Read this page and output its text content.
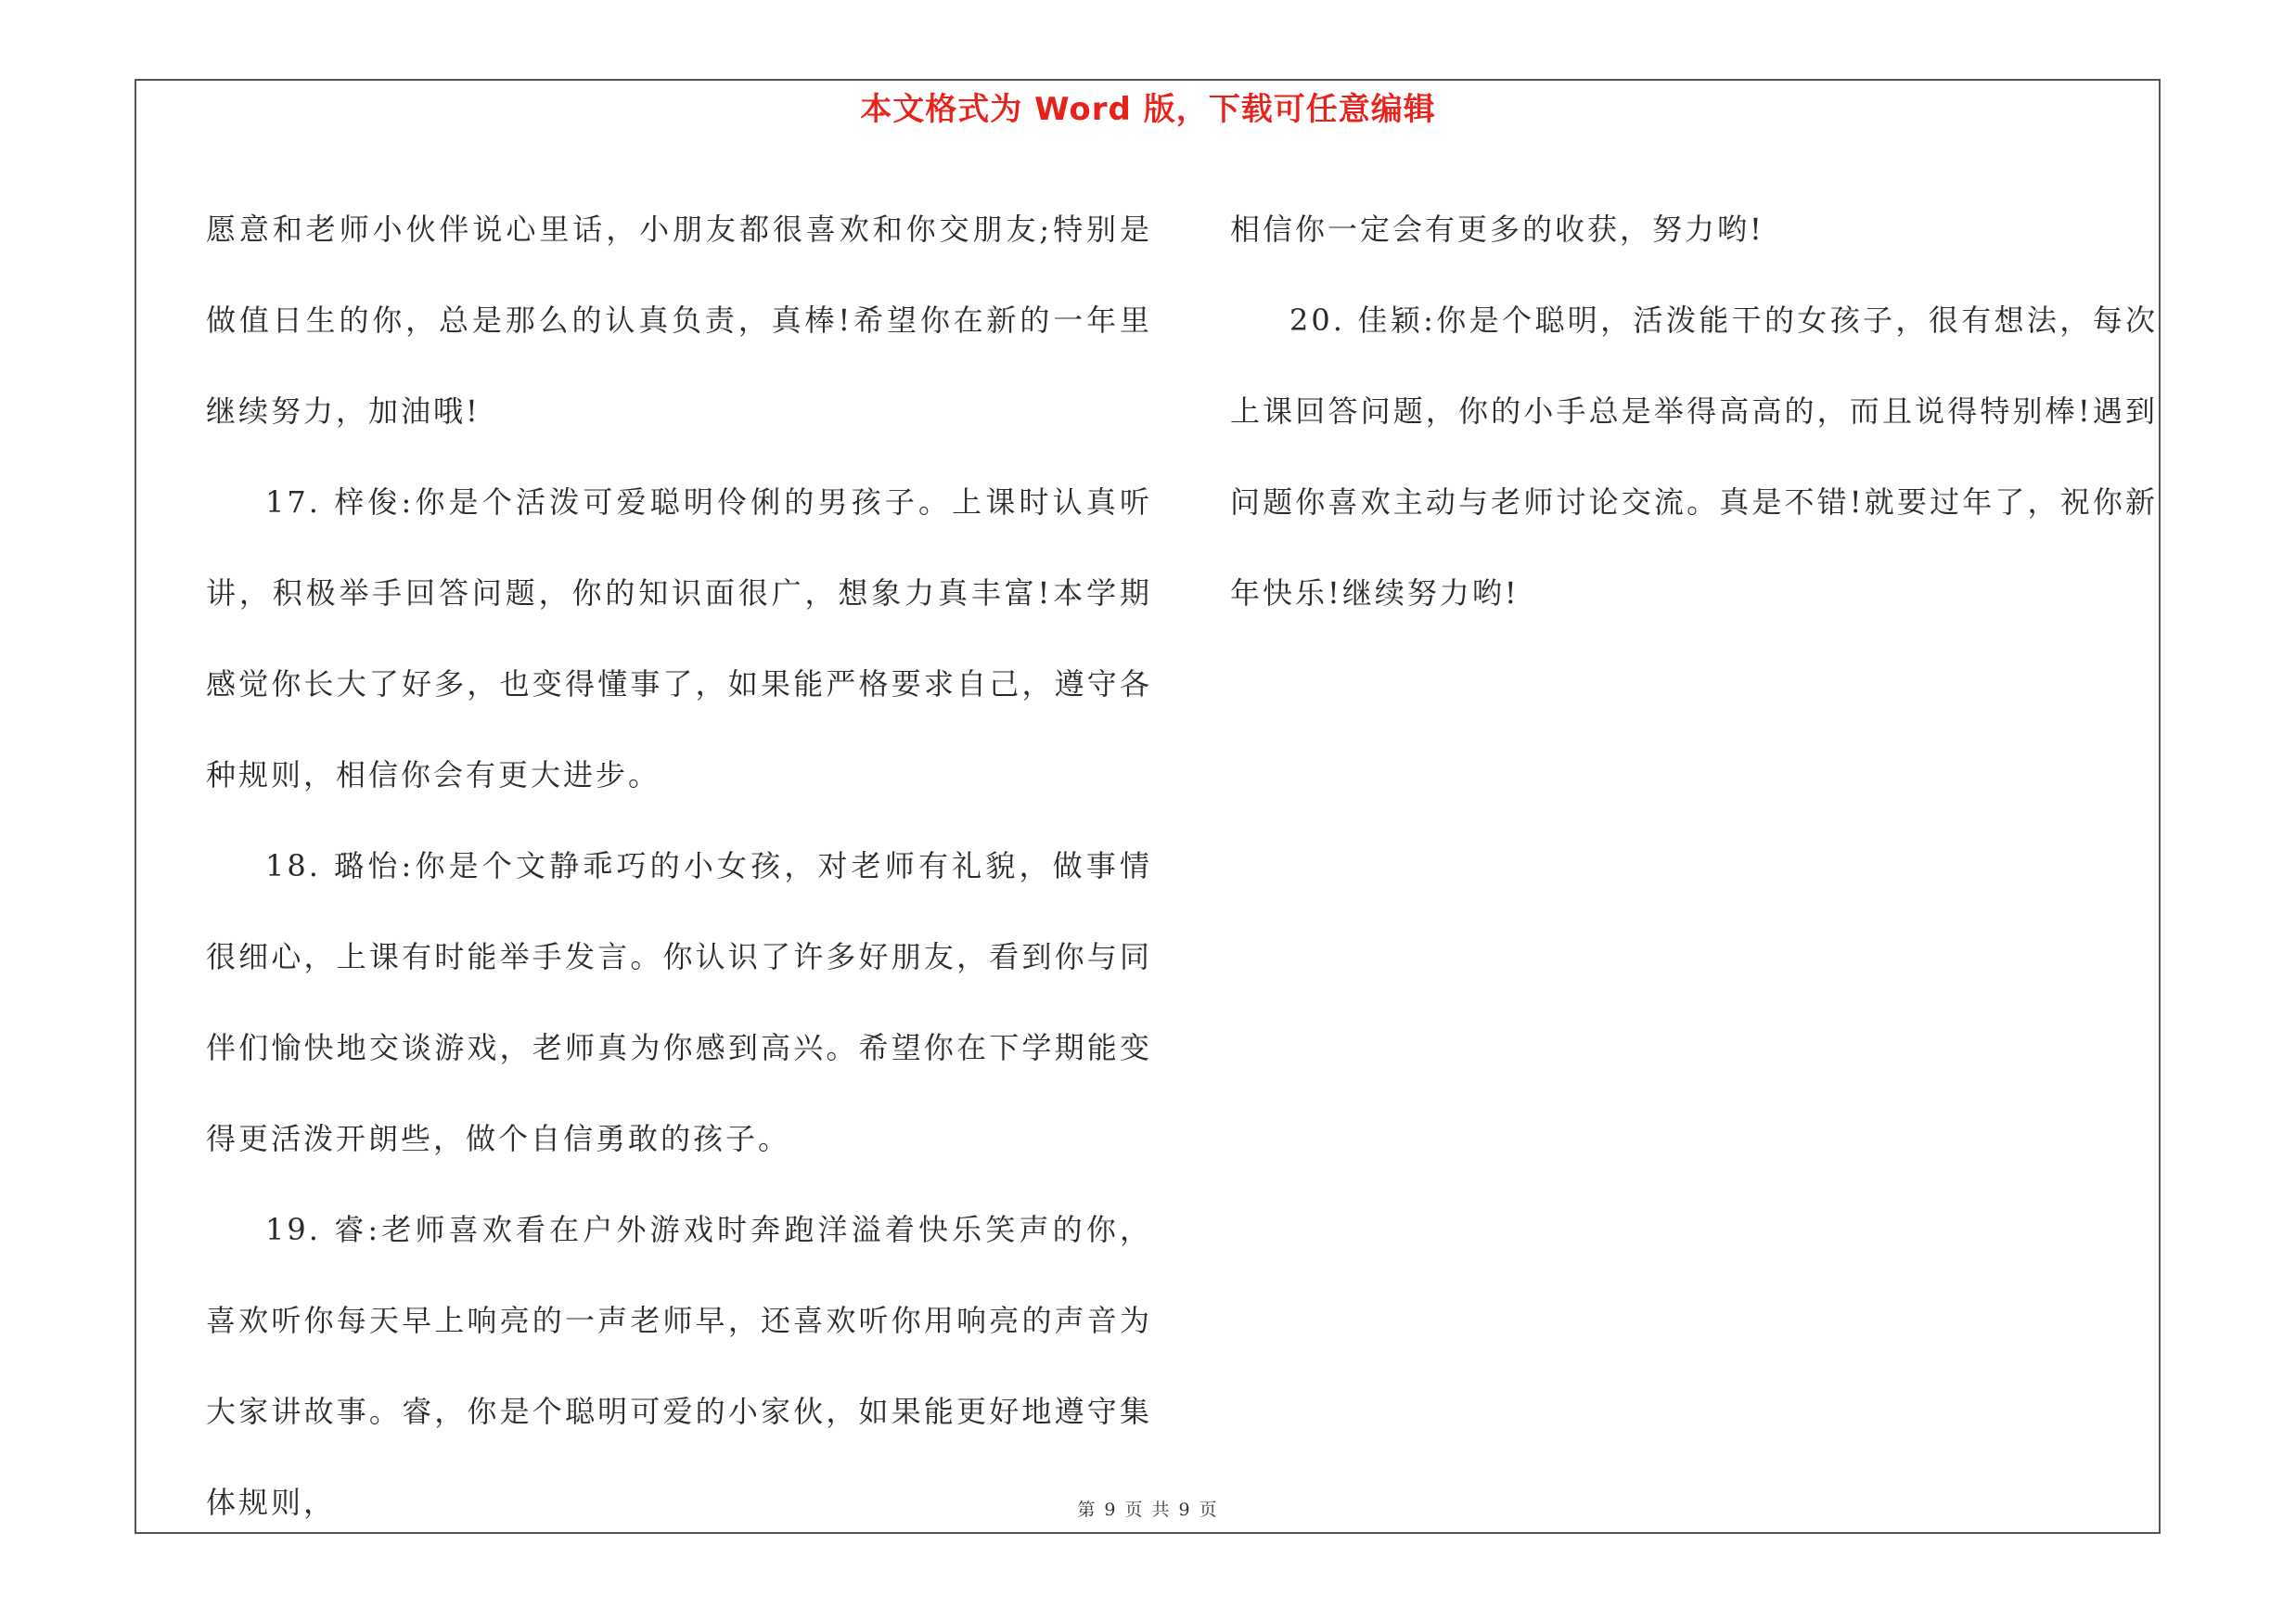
本文格式为 Word 版，下载可任意编辑

愿意和老师小伙伴说心里话，小朋友都很喜欢和你交朋友;特别是做值日生的你，总是那么的认真负责，真棒!希望你在新的一年里继续努力，加油哦!

17. 梓俊:你是个活泼可爱聪明伶俐的男孩子。上课时认真听讲，积极举手回答问题，你的知识面很广，想象力真丰富!本学期感觉你长大了好多，也变得懂事了，如果能严格要求自己，遵守各种规则，相信你会有更大进步。

18. 璐怡:你是个文静乖巧的小女孩，对老师有礼貌，做事情很细心，上课有时能举手发言。你认识了许多好朋友，看到你与同伴们愉快地交谈游戏，老师真为你感到高兴。希望你在下学期能变得更活泼开朗些，做个自信勇敢的孩子。

19. 睿:老师喜欢看在户外游戏时奔跑洋溢着快乐笑声的你，喜欢听你每天早上响亮的一声老师早，还喜欢听你用响亮的声音为大家讲故事。睿，你是个聪明可爱的小家伙，如果能更好地遵守集体规则，

相信你一定会有更多的收获，努力哟!

20. 佳颖:你是个聪明，活泼能干的女孩子，很有想法，每次上课回答问题，你的小手总是举得高高的，而且说得特别棒!遇到问题你喜欢主动与老师讨论交流。真是不错!就要过年了，祝你新年快乐!继续努力哟!

第 9 页 共 9 页
